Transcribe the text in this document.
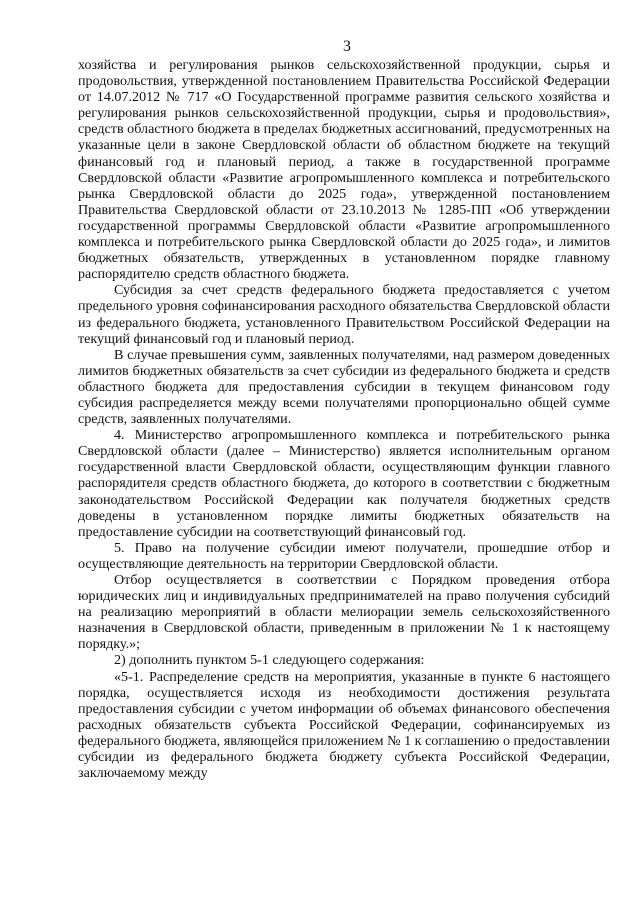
3

хозяйства и регулирования рынков сельскохозяйственной продукции, сырья и продовольствия, утвержденной постановлением Правительства Российской Федерации от 14.07.2012 № 717 «О Государственной программе развития сельского хозяйства и регулирования рынков сельскохозяйственной продукции, сырья и продовольствия», средств областного бюджета в пределах бюджетных ассигнований, предусмотренных на указанные цели в законе Свердловской области об областном бюджете на текущий финансовый год и плановый период, а также в государственной программе Свердловской области «Развитие агропромышленного комплекса и потребительского рынка Свердловской области до 2025 года», утвержденной постановлением Правительства Свердловской области от 23.10.2013 № 1285-ПП «Об утверждении государственной программы Свердловской области «Развитие агропромышленного комплекса и потребительского рынка Свердловской области до 2025 года», и лимитов бюджетных обязательств, утвержденных в установленном порядке главному распорядителю средств областного бюджета.

Субсидия за счет средств федерального бюджета предоставляется с учетом предельного уровня софинансирования расходного обязательства Свердловской области из федерального бюджета, установленного Правительством Российской Федерации на текущий финансовый год и плановый период.

В случае превышения сумм, заявленных получателями, над размером доведенных лимитов бюджетных обязательств за счет субсидии из федерального бюджета и средств областного бюджета для предоставления субсидии в текущем финансовом году субсидия распределяется между всеми получателями пропорционально общей сумме средств, заявленных получателями.

4. Министерство агропромышленного комплекса и потребительского рынка Свердловской области (далее – Министерство) является исполнительным органом государственной власти Свердловской области, осуществляющим функции главного распорядителя средств областного бюджета, до которого в соответствии с бюджетным законодательством Российской Федерации как получателя бюджетных средств доведены в установленном порядке лимиты бюджетных обязательств на предоставление субсидии на соответствующий финансовый год.

5. Право на получение субсидии имеют получатели, прошедшие отбор и осуществляющие деятельность на территории Свердловской области.

Отбор осуществляется в соответствии с Порядком проведения отбора юридических лиц и индивидуальных предпринимателей на право получения субсидий на реализацию мероприятий в области мелиорации земель сельскохозяйственного назначения в Свердловской области, приведенным в приложении № 1 к настоящему порядку.»;

2) дополнить пунктом 5-1 следующего содержания:

«5-1. Распределение средств на мероприятия, указанные в пункте 6 настоящего порядка, осуществляется исходя из необходимости достижения результата предоставления субсидии с учетом информации об объемах финансового обеспечения расходных обязательств субъекта Российской Федерации, софинансируемых из федерального бюджета, являющейся приложением № 1 к соглашению о предоставлении субсидии из федерального бюджета бюджету субъекта Российской Федерации, заключаемому между
